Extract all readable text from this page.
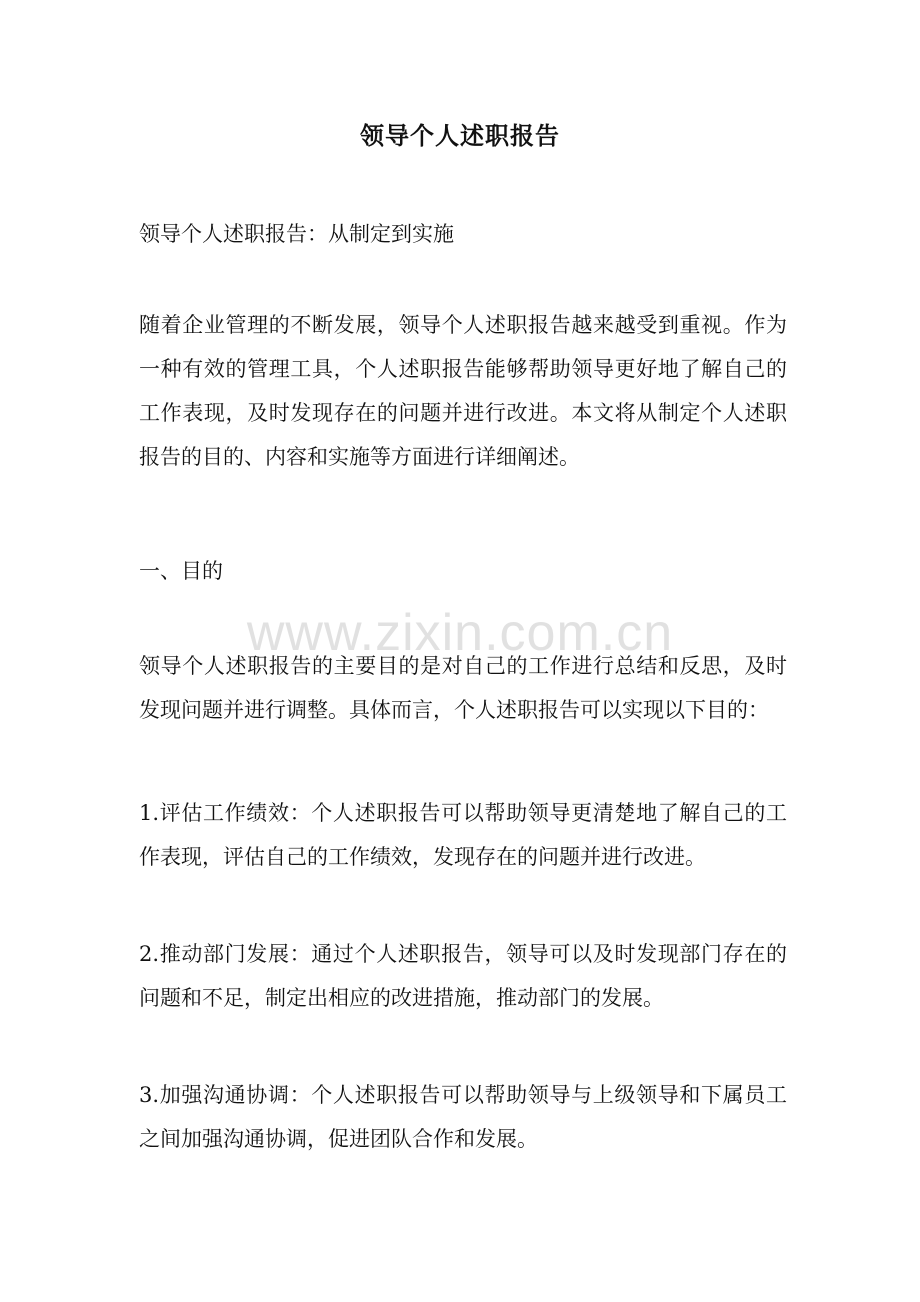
领导个人述职报告

领导个人述职报告：从制定到实施

随着企业管理的不断发展，领导个人述职报告越来越受到重视。作为一种有效的管理工具，个人述职报告能够帮助领导更好地了解自己的工作表现，及时发现存在的问题并进行改进。本文将从制定个人述职报告的目的、内容和实施等方面进行详细阐述。

一、目的

领导个人述职报告的主要目的是对自己的工作进行总结和反思，及时发现问题并进行调整。具体而言，个人述职报告可以实现以下目的：

1.评估工作绩效：个人述职报告可以帮助领导更清楚地了解自己的工作表现，评估自己的工作绩效，发现存在的问题并进行改进。

2.推动部门发展：通过个人述职报告，领导可以及时发现部门存在的问题和不足，制定出相应的改进措施，推动部门的发展。

3.加强沟通协调：个人述职报告可以帮助领导与上级领导和下属员工之间加强沟通协调，促进团队合作和发展。

www.zixin.com.cn
